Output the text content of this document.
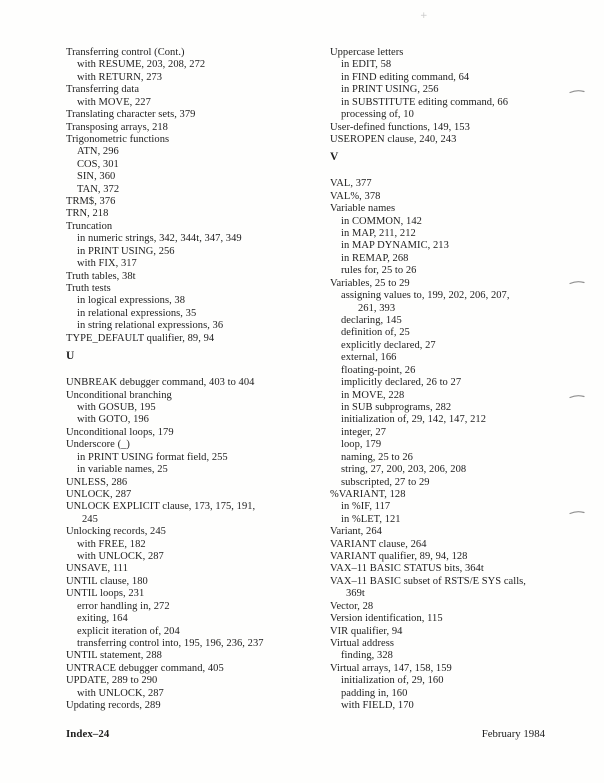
+
Transferring control (Cont.)
with RESUME, 203, 208, 272
with RETURN, 273
Transferring data
with MOVE, 227
Translating character sets, 379
Transposing arrays, 218
Trigonometric functions
ATN, 296
COS, 301
SIN, 360
TAN, 372
TRM$, 376
TRN, 218
Truncation
in numeric strings, 342, 344t, 347, 349
in PRINT USING, 256
with FIX, 317
Truth tables, 38t
Truth tests
in logical expressions, 38
in relational expressions, 35
in string relational expressions, 36
TYPE_DEFAULT qualifier, 89, 94
U
UNBREAK debugger command, 403 to 404
Unconditional branching
with GOSUB, 195
with GOTO, 196
Unconditional loops, 179
Underscore (_)
in PRINT USING format field, 255
in variable names, 25
UNLESS, 286
UNLOCK, 287
UNLOCK EXPLICIT clause, 173, 175, 191,
245
Unlocking records, 245
with FREE, 182
with UNLOCK, 287
UNSAVE, 111
UNTIL clause, 180
UNTIL loops, 231
error handling in, 272
exiting, 164
explicit iteration of, 204
transferring control into, 195, 196, 236, 237
UNTIL statement, 288
UNTRACE debugger command, 405
UPDATE, 289 to 290
with UNLOCK, 287
Updating records, 289
Uppercase letters
in EDIT, 58
in FIND editing command, 64
in PRINT USING, 256
in SUBSTITUTE editing command, 66
processing of, 10
User-defined functions, 149, 153
USEROPEN clause, 240, 243
V
VAL, 377
VAL%, 378
Variable names
in COMMON, 142
in MAP, 211, 212
in MAP DYNAMIC, 213
in REMAP, 268
rules for, 25 to 26
Variables, 25 to 29
assigning values to, 199, 202, 206, 207,
261, 393
declaring, 145
definition of, 25
explicitly declared, 27
external, 166
floating-point, 26
implicitly declared, 26 to 27
in MOVE, 228
in SUB subprograms, 282
initialization of, 29, 142, 147, 212
integer, 27
loop, 179
naming, 25 to 26
string, 27, 200, 203, 206, 208
subscripted, 27 to 29
%VARIANT, 128
in %IF, 117
in %LET, 121
Variant, 264
VARIANT clause, 264
VARIANT qualifier, 89, 94, 128
VAX–11 BASIC STATUS bits, 364t
VAX–11 BASIC subset of RSTS/E SYS calls,
369t
Vector, 28
Version identification, 115
VIR qualifier, 94
Virtual address
finding, 328
Virtual arrays, 147, 158, 159
initialization of, 29, 160
padding in, 160
with FIELD, 170
Index–24	February 1984
